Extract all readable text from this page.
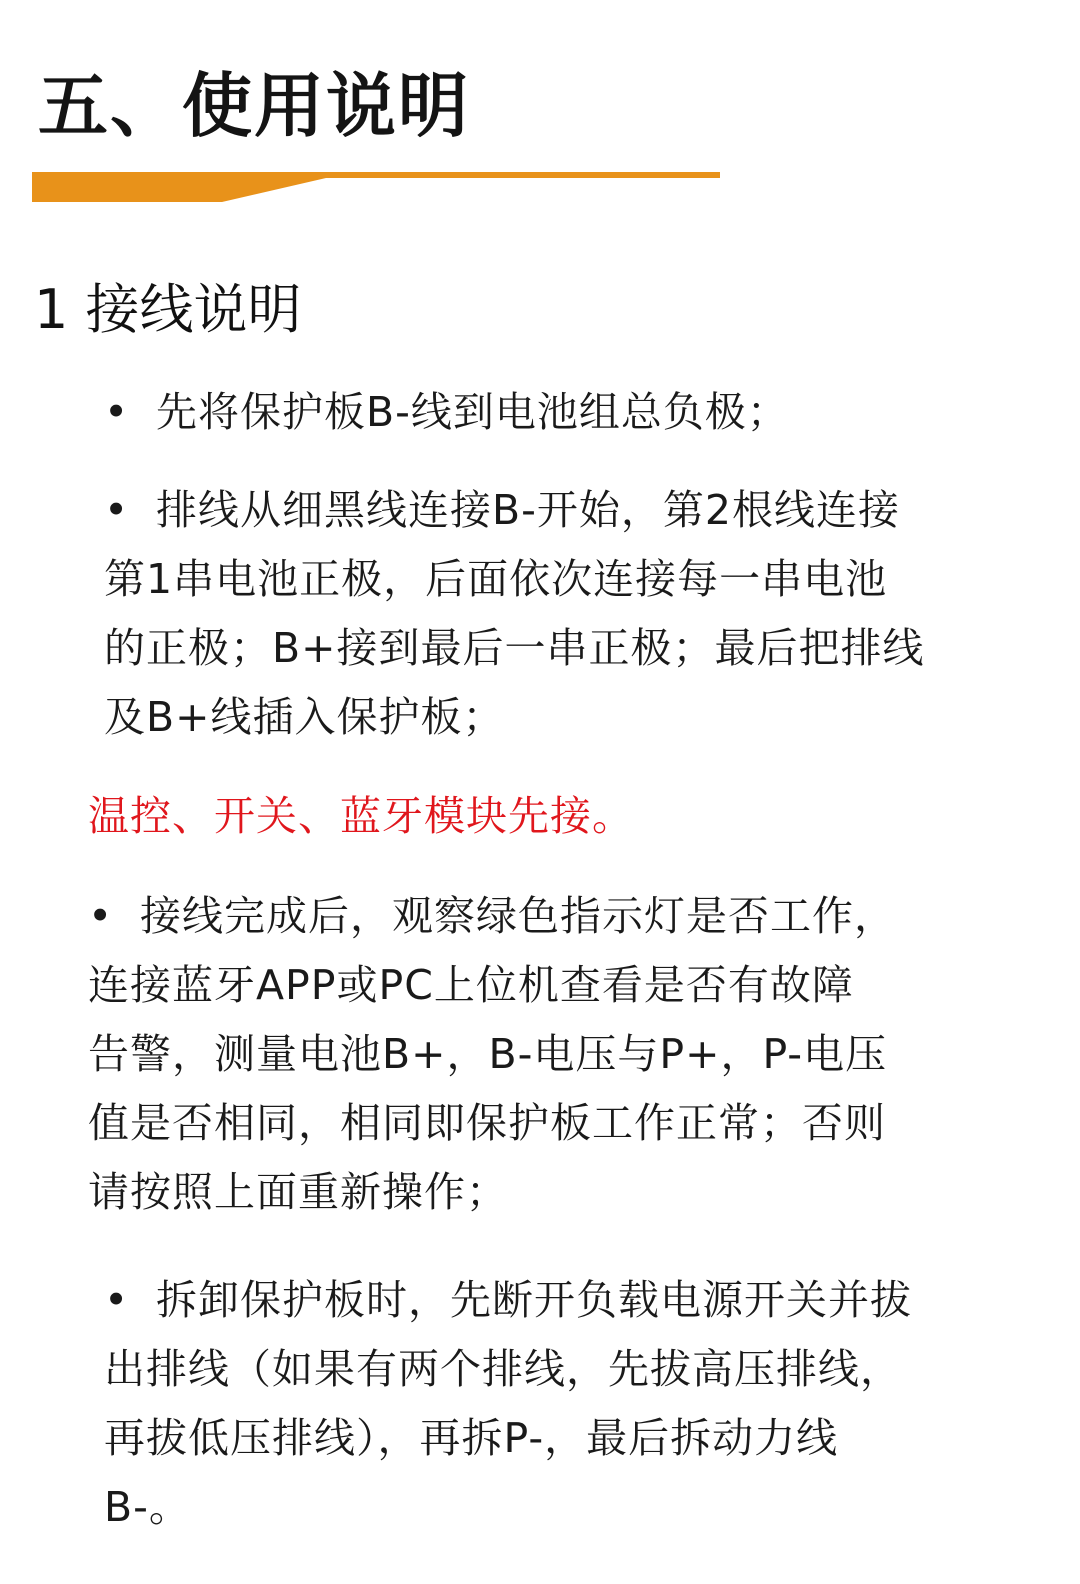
五、使用说明
1 接线说明

• 先将保护板B-线到电池组总负极；

• 排线从细黑线连接B-开始，第2根线连接
第1串电池正极，后面依次连接每一串电池
的正极；B+接到最后一串正极；最后把排线
及B+线插入保护板；

温控、开关、蓝牙模块先接。

• 接线完成后，观察绿色指示灯是否工作，
连接蓝牙APP或PC上位机查看是否有故障
告警，测量电池B+，B-电压与P+，P-电压
值是否相同，相同即保护板工作正常；否则
请按照上面重新操作；

• 拆卸保护板时，先断开负载电源开关并拔
出排线（如果有两个排线，先拔高压排线，
再拔低压排线），再拆P-，最后拆动力线
B-。
